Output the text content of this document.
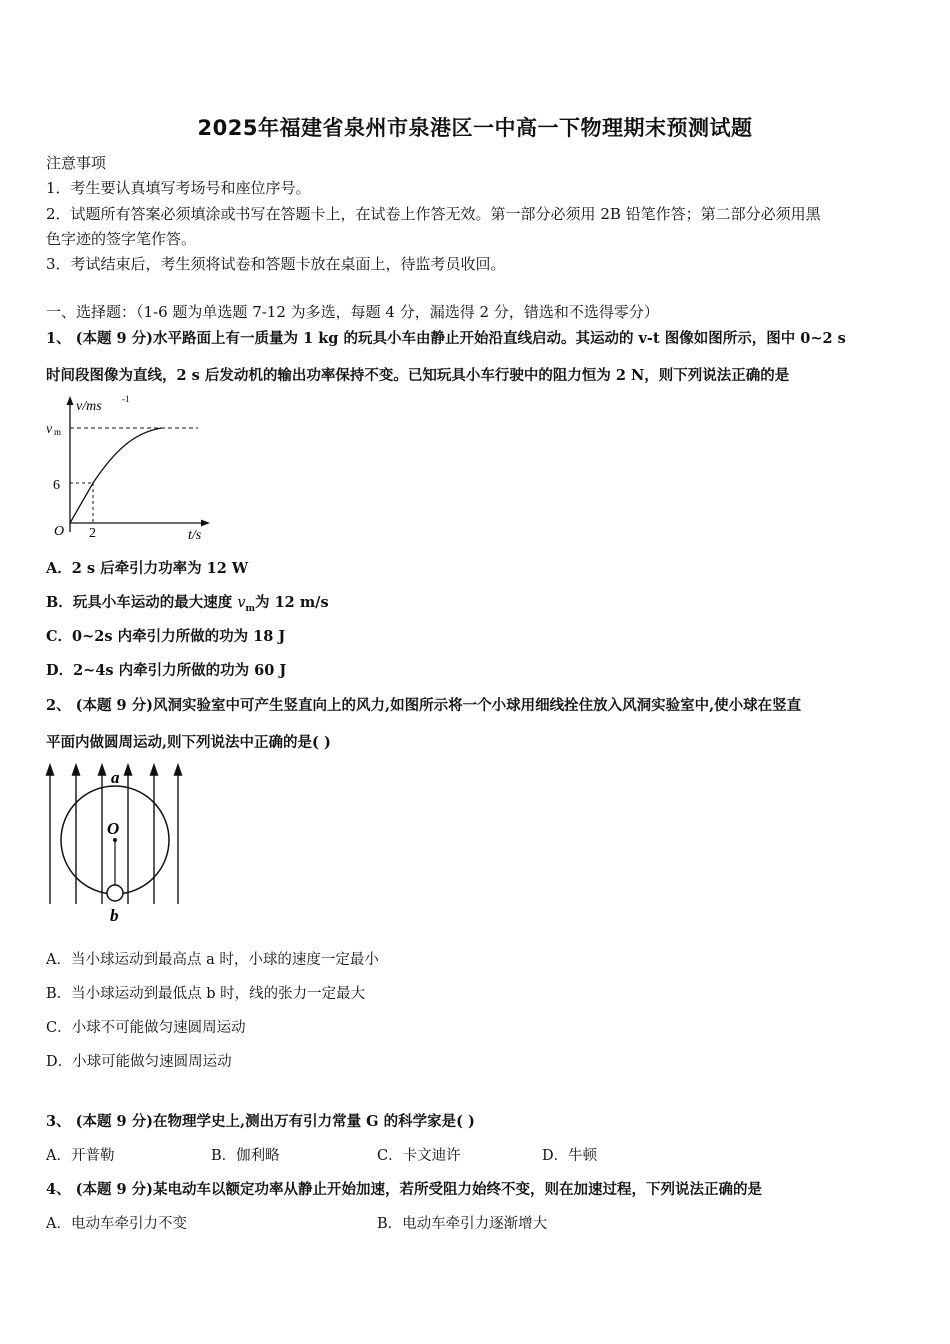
2025年福建省泉州市泉港区一中高一下物理期末预测试题
注意事项
1．考生要认真填写考场号和座位序号。
2．试题所有答案必须填涂或书写在答题卡上，在试卷上作答无效。第一部分必须用 2B 铅笔作答；第二部分必须用黑
色字迹的签字笔作答。
3．考试结束后，考生须将试卷和答题卡放在桌面上，待监考员收回。
一、选择题：（1-6 题为单选题 7-12 为多选，每题 4 分，漏选得 2 分，错选和不选得零分）
1、 (本题 9 分)水平路面上有一质量为 1 kg 的玩具小车由静止开始沿直线启动。其运动的 v-t 图像如图所示，图中 0~2 s
时间段图像为直线，2 s 后发动机的输出功率保持不变。已知玩具小车行驶中的阻力恒为 2 N，则下列说法正确的是
v/ms -1
v m
6
O 2	t/s
A．2 s 后牵引力功率为 12 W
B．玩具小车运动的最大速度 $v_m$为 12 m/s
C．0~2s 内牵引力所做的功为 18 J
D．2~4s 内牵引力所做的功为 60 J
2、 (本题 9 分)风洞实验室中可产生竖直向上的风力,如图所示将一个小球用细线拴住放入风洞实验室中,使小球在竖直
平面内做圆周运动,则下列说法中正确的是( )
a
O
b
A．当小球运动到最高点 a 时，小球的速度一定最小
B．当小球运动到最低点 b 时，线的张力一定最大
C．小球不可能做匀速圆周运动
D．小球可能做匀速圆周运动
3、 (本题 9 分)在物理学史上,测出万有引力常量 G 的科学家是( )
A．开普勒	B．伽利略	C．卡文迪许	D．牛顿
4、 (本题 9 分)某电动车以额定功率从静止开始加速，若所受阻力始终不变，则在加速过程，下列说法正确的是
A．电动车牵引力不变	B．电动车牵引力逐渐增大
